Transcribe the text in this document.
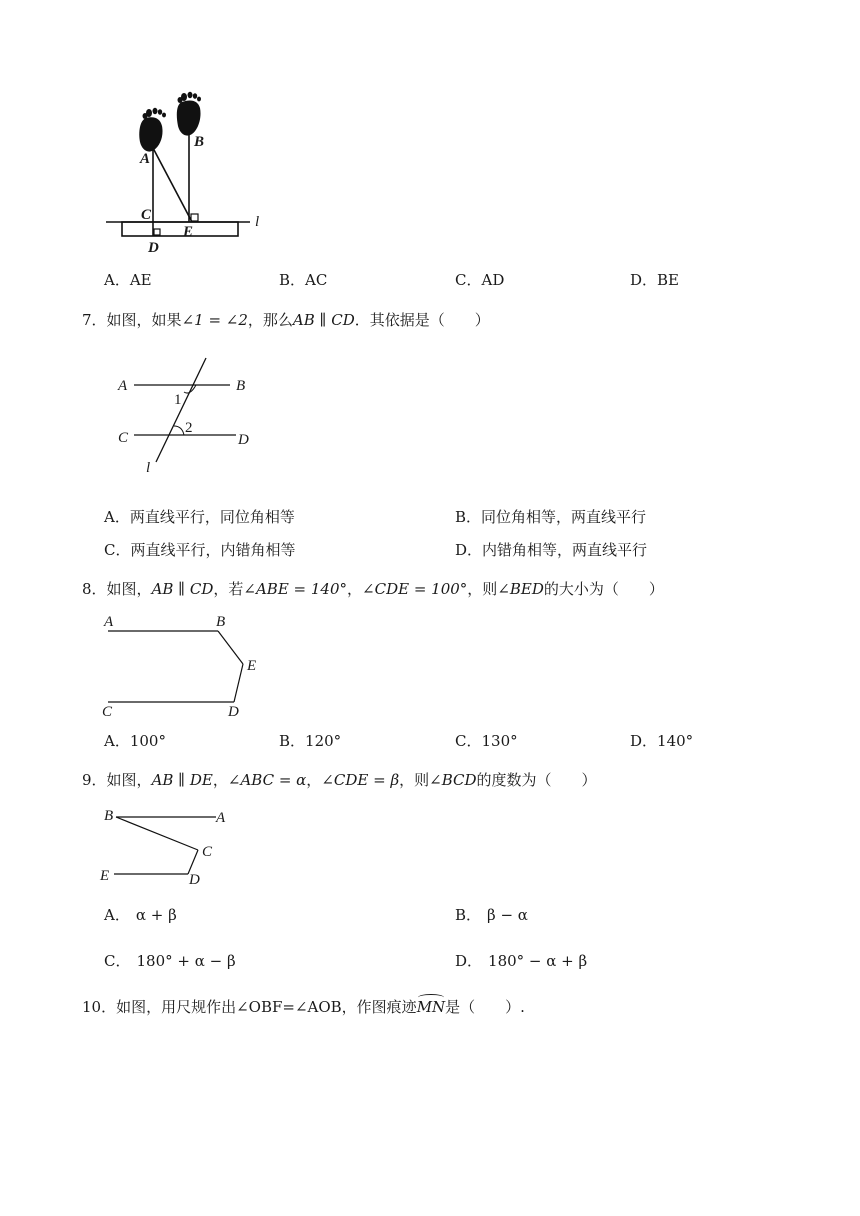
A
B
C
E
D
l
A．AE	B．AC	C．AD	D．BE
7．如图，如果∠1 = ∠2，那么AB ∥ CD．其依据是（　　）
A	B
C	D
1
2
l
A．两直线平行，同位角相等	B．同位角相等，两直线平行
C．两直线平行，内错角相等	D．内错角相等，两直线平行
8．如图，AB ∥ CD，若∠ABE = 140°，∠CDE = 100°，则∠BED的大小为（　　）
A	B
E
C	D
A．100°	B．120°	C．130°	D．140°
9．如图，AB ∥ DE，∠ABC = α，∠CDE = β，则∠BCD的度数为（　　）
B	A
C
E	D
A． α + β	B． β − α
C． 180° + α − β	D． 180° − α + β
10．如图，用尺规作出∠OBF=∠AOB，作图痕迹MN是（　　）.
